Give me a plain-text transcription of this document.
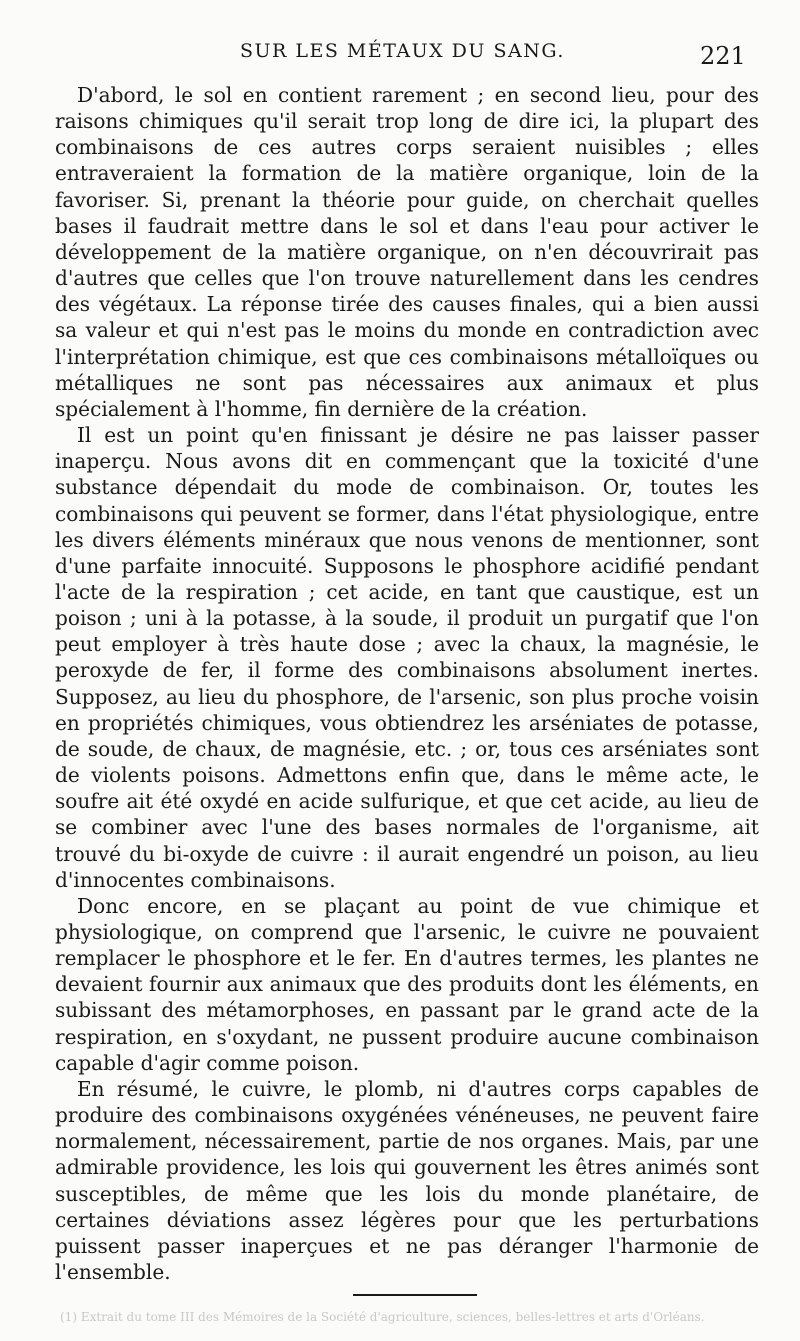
SUR LES MÉTAUX DU SANG.	221

D'abord, le sol en contient rarement ; en second lieu, pour des raisons chimiques qu'il serait trop long de dire ici, la plupart des combinaisons de ces autres corps seraient nuisibles ; elles entraveraient la formation de la matière organique, loin de la favoriser. Si, prenant la théorie pour guide, on cherchait quelles bases il faudrait mettre dans le sol et dans l'eau pour activer le développement de la matière organique, on n'en découvrirait pas d'autres que celles que l'on trouve naturellement dans les cendres des végétaux. La réponse tirée des causes finales, qui a bien aussi sa valeur et qui n'est pas le moins du monde en contradiction avec l'interprétation chimique, est que ces combinaisons métalloïques ou métalliques ne sont pas nécessaires aux animaux et plus spécialement à l'homme, fin dernière de la création.

Il est un point qu'en finissant je désire ne pas laisser passer inaperçu. Nous avons dit en commençant que la toxicité d'une substance dépendait du mode de combinaison. Or, toutes les combinaisons qui peuvent se former, dans l'état physiologique, entre les divers éléments minéraux que nous venons de mentionner, sont d'une parfaite innocuité. Supposons le phosphore acidifié pendant l'acte de la respiration ; cet acide, en tant que caustique, est un poison ; uni à la potasse, à la soude, il produit un purgatif que l'on peut employer à très haute dose ; avec la chaux, la magnésie, le peroxyde de fer, il forme des combinaisons absolument inertes. Supposez, au lieu du phosphore, de l'arsenic, son plus proche voisin en propriétés chimiques, vous obtiendrez les arséniates de potasse, de soude, de chaux, de magnésie, etc. ; or, tous ces arséniates sont de violents poisons. Admettons enfin que, dans le même acte, le soufre ait été oxydé en acide sulfurique, et que cet acide, au lieu de se combiner avec l'une des bases normales de l'organisme, ait trouvé du bi-oxyde de cuivre : il aurait engendré un poison, au lieu d'innocentes combinaisons.

Donc encore, en se plaçant au point de vue chimique et physiologique, on comprend que l'arsenic, le cuivre ne pouvaient remplacer le phosphore et le fer. En d'autres termes, les plantes ne devaient fournir aux animaux que des produits dont les éléments, en subissant des métamorphoses, en passant par le grand acte de la respiration, en s'oxydant, ne pussent produire aucune combinaison capable d'agir comme poison.

En résumé, le cuivre, le plomb, ni d'autres corps capables de produire des combinaisons oxygénées vénéneuses, ne peuvent faire normalement, nécessairement, partie de nos organes. Mais, par une admirable providence, les lois qui gouvernent les êtres animés sont susceptibles, de même que les lois du monde planétaire, de certaines déviations assez légères pour que les perturbations puissent passer inaperçues et ne pas déranger l'harmonie de l'ensemble.

(1) Extrait du tome III des Mémoires de la Société d'agriculture, sciences, belles-lettres et arts d'Orléans.
